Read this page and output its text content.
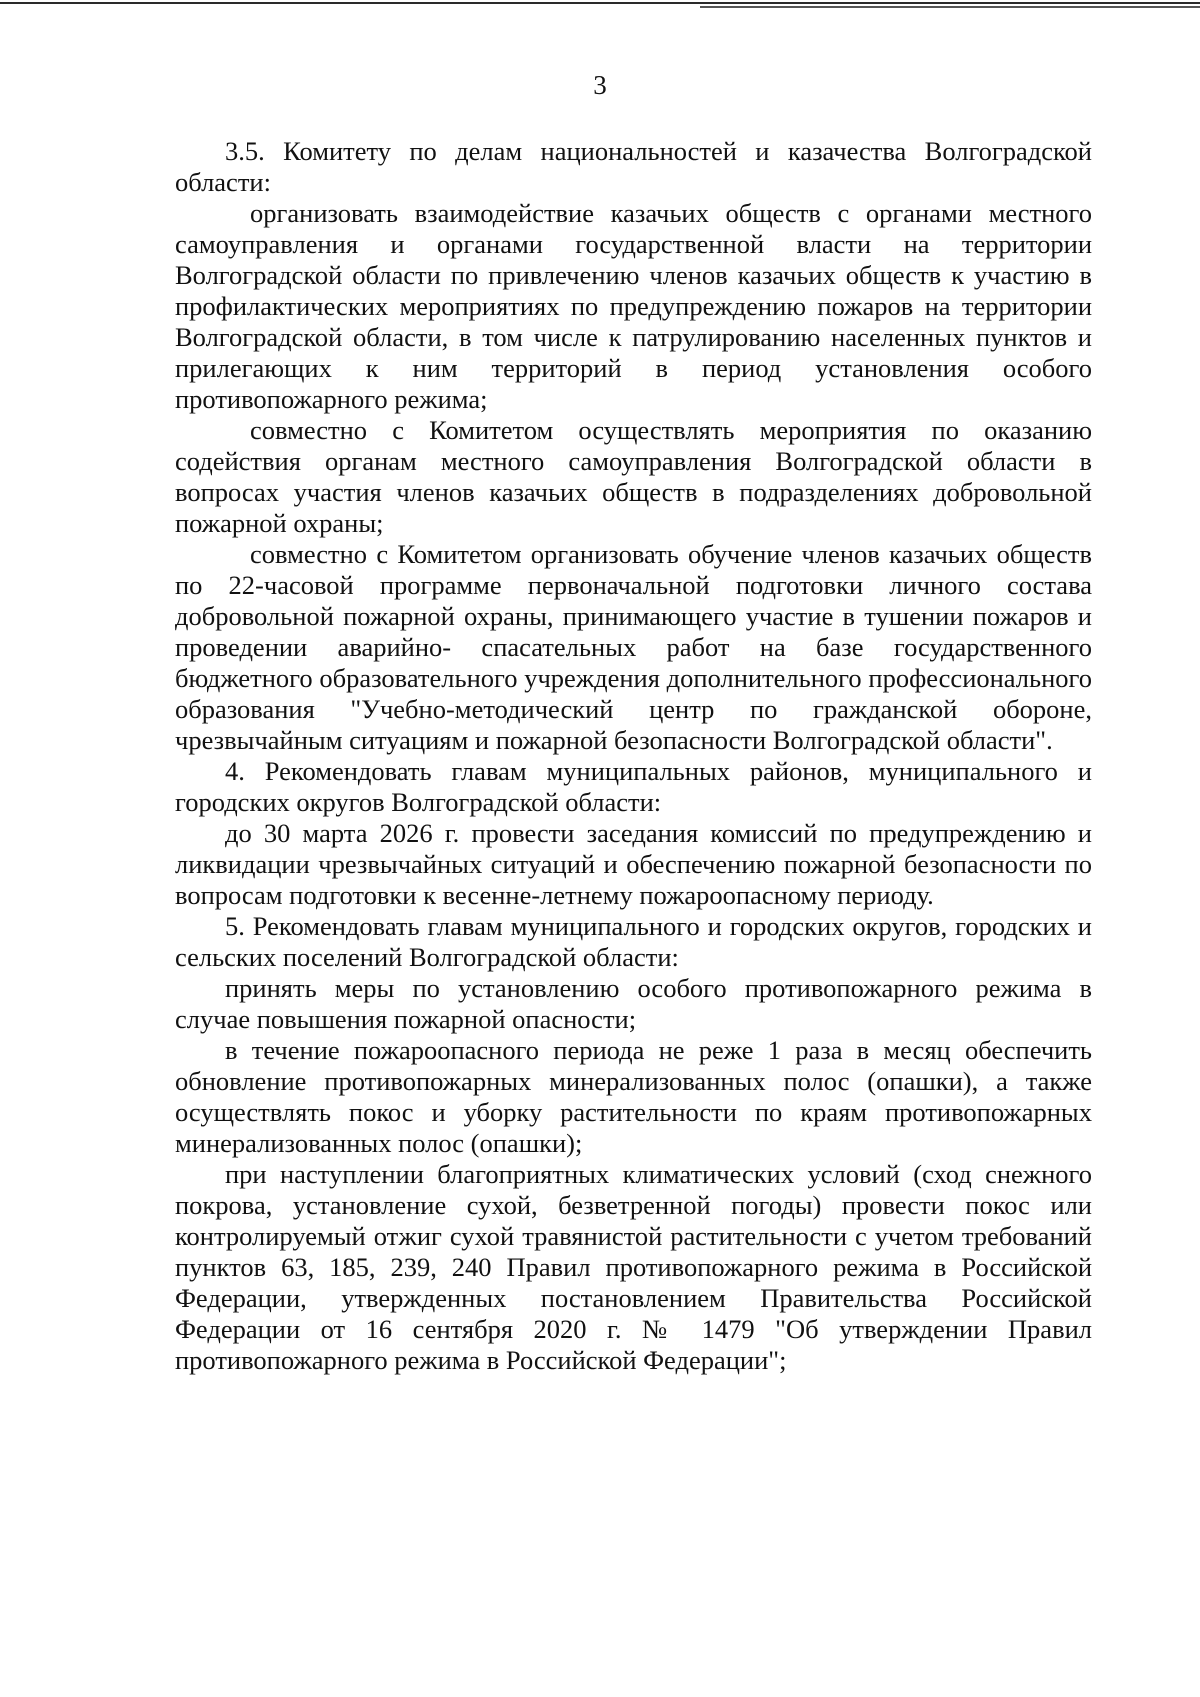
3

3.5. Комитету по делам национальностей и казачества Волгоградской области:

организовать взаимодействие казачьих обществ с органами местного самоуправления и органами государственной власти на территории Волгоградской области по привлечению членов казачьих обществ к участию в профилактических мероприятиях по предупреждению пожаров на территории Волгоградской области, в том числе к патрулированию населенных пунктов и прилегающих к ним территорий в период установления особого противопожарного режима;

совместно с Комитетом осуществлять мероприятия по оказанию содействия органам местного самоуправления Волгоградской области в вопросах участия членов казачьих обществ в подразделениях добровольной пожарной охраны;

совместно с Комитетом организовать обучение членов казачьих обществ по 22-часовой программе первоначальной подготовки личного состава добровольной пожарной охраны, принимающего участие в тушении пожаров и проведении аварийно- спасательных работ на базе государственного бюджетного образовательного учреждения дополнительного профессионального образования "Учебно-методический центр по гражданской обороне, чрезвычайным ситуациям и пожарной безопасности Волгоградской области".

4. Рекомендовать главам муниципальных районов, муниципального и городских округов Волгоградской области:

до 30 марта 2026 г. провести заседания комиссий по предупреждению и ликвидации чрезвычайных ситуаций и обеспечению пожарной безопасности по вопросам подготовки к весенне-летнему пожароопасному периоду.

5. Рекомендовать главам муниципального и городских округов, городских и сельских поселений Волгоградской области:

принять меры по установлению особого противопожарного режима в случае повышения пожарной опасности;

в течение пожароопасного периода не реже 1 раза в месяц обеспечить обновление противопожарных минерализованных полос (опашки), а также осуществлять покос и уборку растительности по краям противопожарных минерализованных полос (опашки);

при наступлении благоприятных климатических условий (сход снежного покрова, установление сухой, безветренной погоды) провести покос или контролируемый отжиг сухой травянистой растительности с учетом требований пунктов 63, 185, 239, 240 Правил противопожарного режима в Российской Федерации, утвержденных постановлением Правительства Российской Федерации от 16 сентября 2020 г. № 1479 "Об утверждении Правил противопожарного режима в Российской Федерации";
